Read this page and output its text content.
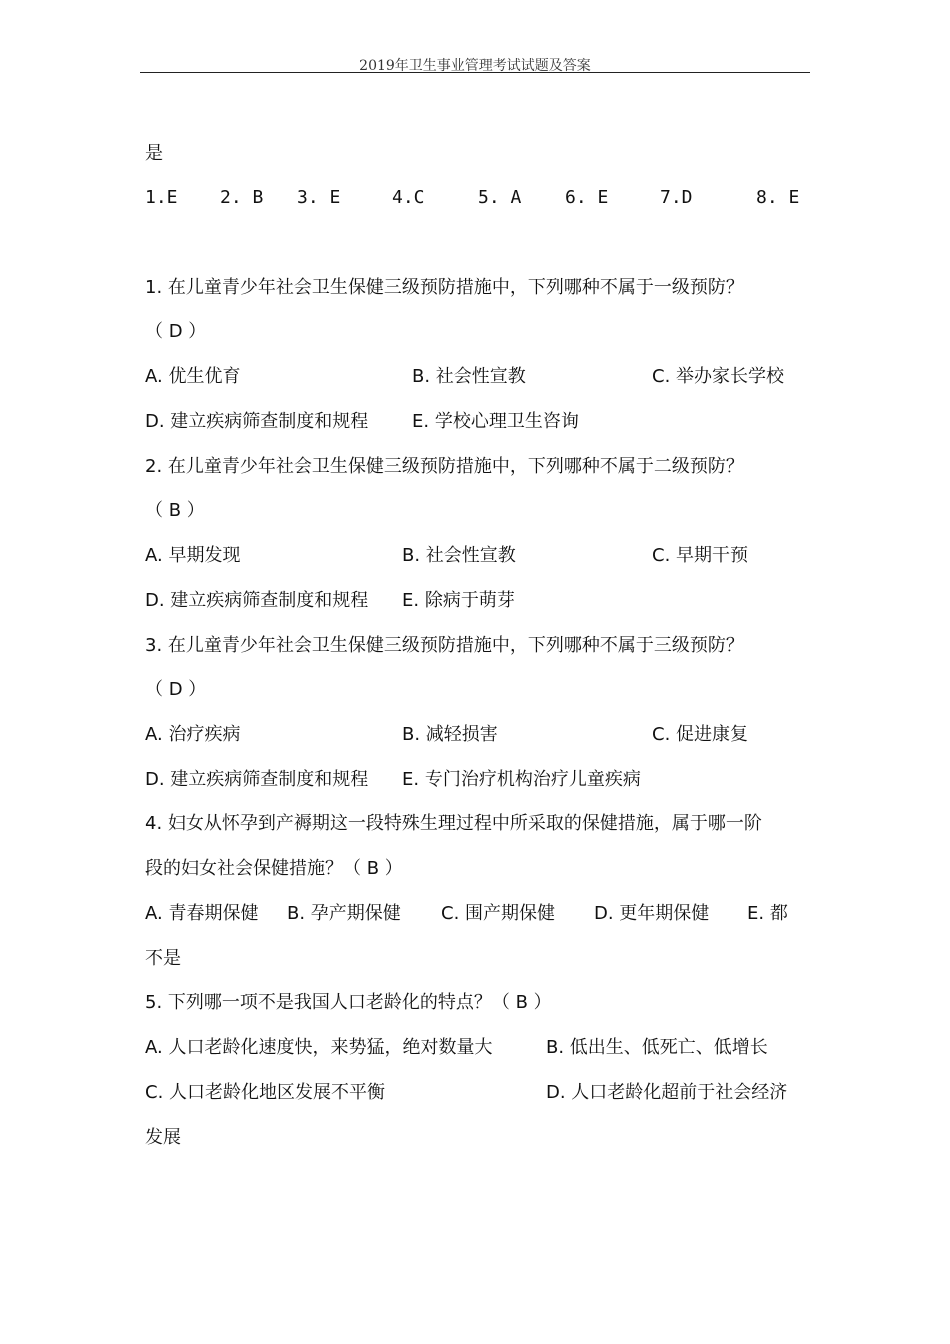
2019年卫生事业管理考试试题及答案
是
1.E 2. B 3. E	4.C	5. A 6. E	7.D	8. E
1. 在儿童青少年社会卫生保健三级预防措施中，下列哪种不属于一级预防？
（ D ）
A. 优生优育	B. 社会性宣教	C. 举办家长学校
D. 建立疾病筛查制度和规程 E. 学校心理卫生咨询
2. 在儿童青少年社会卫生保健三级预防措施中，下列哪种不属于二级预防？
（ B ）
A. 早期发现	B. 社会性宣教	C. 早期干预
D. 建立疾病筛查制度和规程 E. 除病于萌芽
3. 在儿童青少年社会卫生保健三级预防措施中，下列哪种不属于三级预防？
（ D ）
A. 治疗疾病	B. 减轻损害	C. 促进康复
D. 建立疾病筛查制度和规程 E. 专门治疗机构治疗儿童疾病
4. 妇女从怀孕到产褥期这一段特殊生理过程中所采取的保健措施，属于哪一阶
段的妇女社会保健措施？（ B ）
A. 青春期保健 B. 孕产期保健 C. 围产期保健 D. 更年期保健 E. 都
不是
5. 下列哪一项不是我国人口老龄化的特点？（ B ）
A. 人口老龄化速度快，来势猛，绝对数量大	B. 低出生、低死亡、低增长
C. 人口老龄化地区发展不平衡	D. 人口老龄化超前于社会经济
发展
